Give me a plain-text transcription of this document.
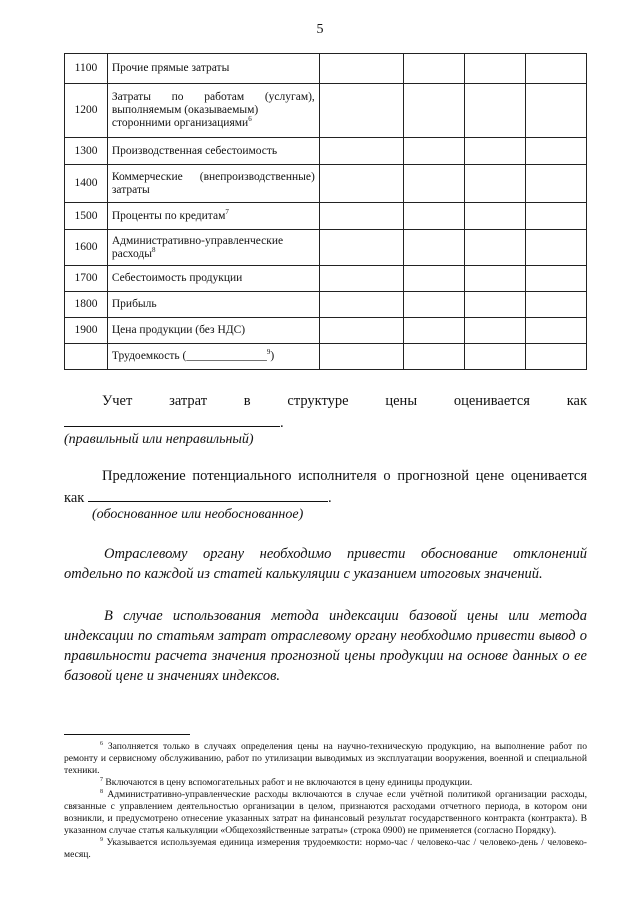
5
1100	Прочие прямые затраты				
1200	Затраты по работам (услугам),
выполняемым (оказываемым) сторонними организациями$^6$				
1300	Производственная себестоимость				
1400	Коммерческие (внепроизводственные)
затраты				
1500	Проценты по кредитам$^7$				
1600	Административно-управленческие расходы$^8$				
1700	Себестоимость продукции				
1800	Прибыль				
1900	Цена продукции (без НДС)				
	Трудоемкость (______________$^9$)				
Учет	затрат	в	структуре	цены	оценивается	как
.
(правильный или неправильный)
Предложение потенциального исполнителя о прогнозной цене оценивается
как	.
(обоснованное или необоснованное)
Отраслевому органу необходимо привести обоснование отклонений отдельно по каждой из статей калькуляции с указанием итоговых значений.
В случае использования метода индексации базовой цены или метода индексации по статьям затрат отраслевому органу необходимо привести вывод о правильности расчета значения прогнозной цены продукции на основе данных о ее базовой цене и значениях индексов.

$^6$ Заполняется только в случаях определения цены на научно-техническую продукцию, на выполнение работ по ремонту и сервисному обслуживанию, работ по утилизации выводимых из эксплуатации вооружения, военной и специальной техники.

$^7$ Включаются в цену вспомогательных работ и не включаются в цену единицы продукции.

$^8$ Административно-управленческие расходы включаются в случае если учётной политикой организации расходы, связанные с управлением деятельностью организации в целом, признаются расходами отчетного периода, в котором они возникли, и предусмотрено отнесение указанных затрат на финансовый результат государственного контракта (контракта). В указанном случае статья калькуляции «Общехозяйственные затраты» (строка 0900) не применяется (согласно Порядку).

$^9$ Указывается используемая единица измерения трудоемкости: нормо-час / человеко-час / человеко-день / человеко-месяц.
